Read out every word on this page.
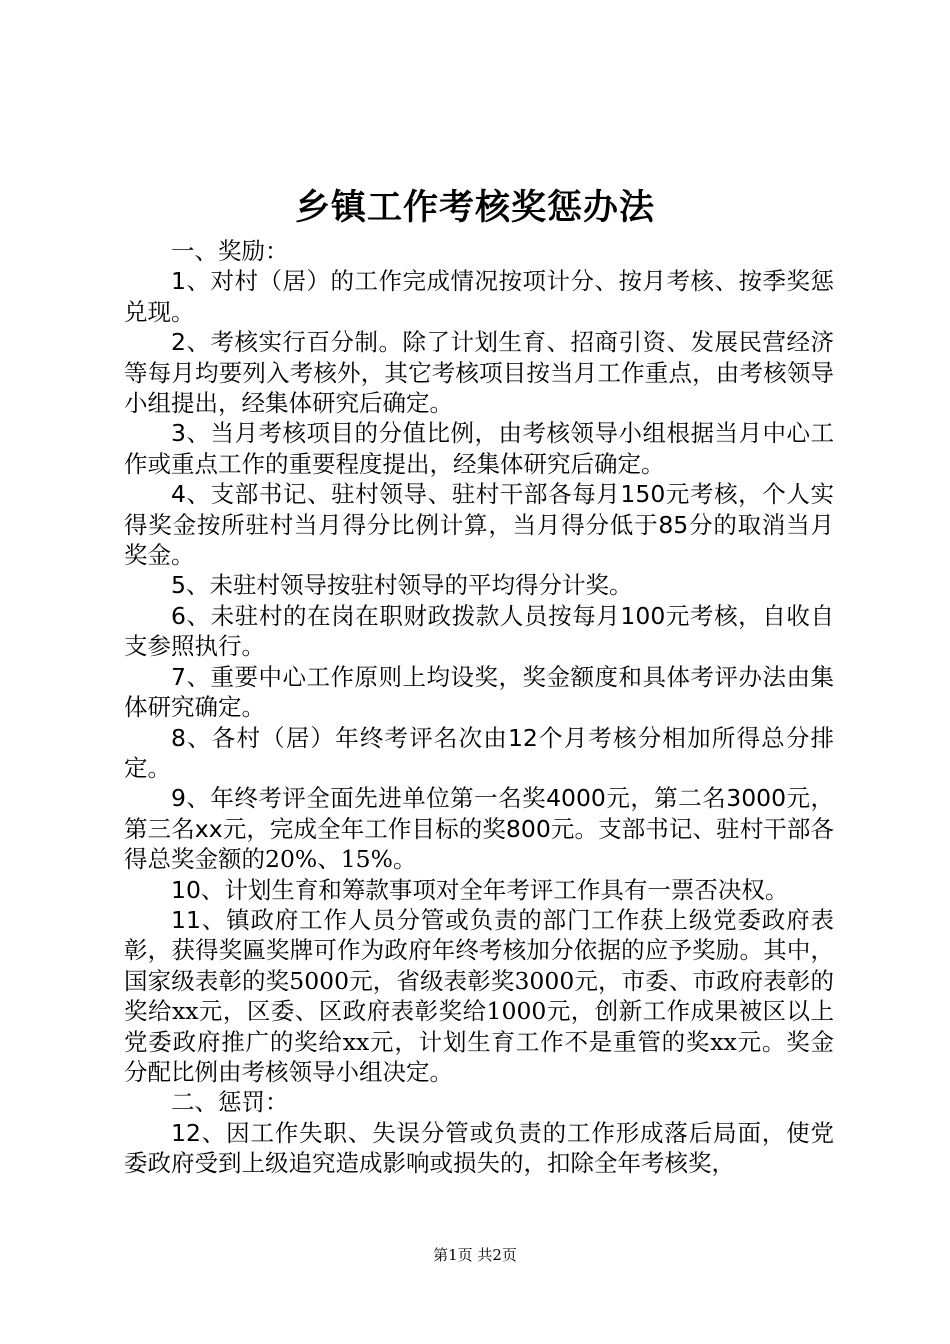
乡镇工作考核奖惩办法

一、奖励：

1、对村（居）的工作完成情况按项计分、按月考核、按季奖惩兑现。

2、考核实行百分制。除了计划生育、招商引资、发展民营经济等每月均要列入考核外，其它考核项目按当月工作重点，由考核领导小组提出，经集体研究后确定。

3、当月考核项目的分值比例，由考核领导小组根据当月中心工作或重点工作的重要程度提出，经集体研究后确定。

4、支部书记、驻村领导、驻村干部各每月150元考核，个人实得奖金按所驻村当月得分比例计算，当月得分低于85分的取消当月奖金。

5、未驻村领导按驻村领导的平均得分计奖。

6、未驻村的在岗在职财政拨款人员按每月100元考核，自收自支参照执行。

7、重要中心工作原则上均设奖，奖金额度和具体考评办法由集体研究确定。

8、各村（居）年终考评名次由12个月考核分相加所得总分排定。

9、年终考评全面先进单位第一名奖4000元，第二名3000元，第三名xx元，完成全年工作目标的奖800元。支部书记、驻村干部各得总奖金额的20%、15%。

10、计划生育和筹款事项对全年考评工作具有一票否决权。

11、镇政府工作人员分管或负责的部门工作获上级党委政府表彰，获得奖匾奖牌可作为政府年终考核加分依据的应予奖励。其中，国家级表彰的奖5000元，省级表彰奖3000元，市委、市政府表彰的奖给xx元，区委、区政府表彰奖给1000元，创新工作成果被区以上党委政府推广的奖给xx元，计划生育工作不是重管的奖xx元。奖金分配比例由考核领导小组决定。

二、惩罚：

12、因工作失职、失误分管或负责的工作形成落后局面，使党委政府受到上级追究造成影响或损失的，扣除全年考核奖，

第1页 共2页
